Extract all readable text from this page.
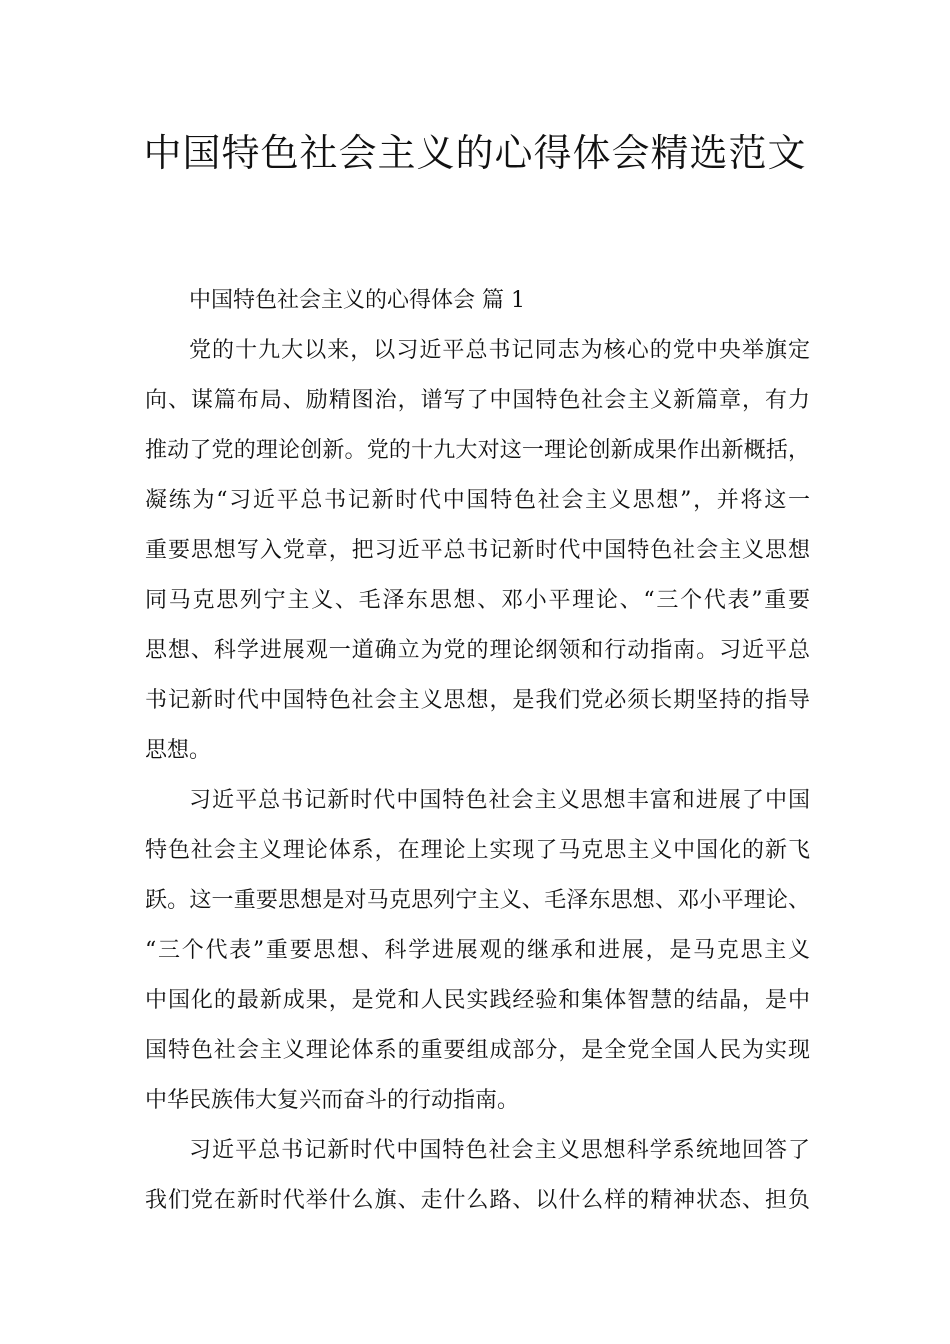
中国特色社会主义的心得体会精选范文

中国特色社会主义的心得体会 篇 1

党的十九大以来，以习近平总书记同志为核心的党中央举旗定
向、谋篇布局、励精图治，谱写了中国特色社会主义新篇章，有力
推动了党的理论创新。党的十九大对这一理论创新成果作出新概括，
凝练为“习近平总书记新时代中国特色社会主义思想”，并将这一
重要思想写入党章，把习近平总书记新时代中国特色社会主义思想
同马克思列宁主义、毛泽东思想、邓小平理论、“三个代表”重要
思想、科学进展观一道确立为党的理论纲领和行动指南。习近平总
书记新时代中国特色社会主义思想，是我们党必须长期坚持的指导
思想。

习近平总书记新时代中国特色社会主义思想丰富和进展了中国
特色社会主义理论体系，在理论上实现了马克思主义中国化的新飞
跃。这一重要思想是对马克思列宁主义、毛泽东思想、邓小平理论、
“三个代表”重要思想、科学进展观的继承和进展，是马克思主义
中国化的最新成果，是党和人民实践经验和集体智慧的结晶，是中
国特色社会主义理论体系的重要组成部分，是全党全国人民为实现
中华民族伟大复兴而奋斗的行动指南。

习近平总书记新时代中国特色社会主义思想科学系统地回答了
我们党在新时代举什么旗、走什么路、以什么样的精神状态、担负
